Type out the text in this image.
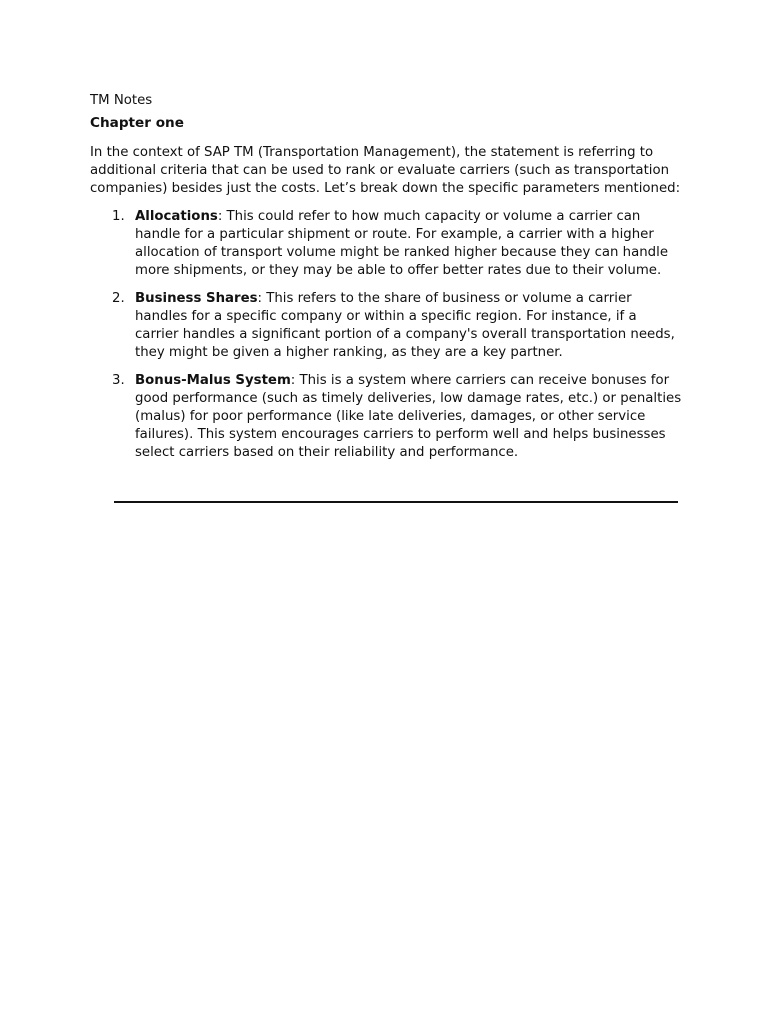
TM Notes

Chapter one

In the context of SAP TM (Transportation Management), the statement is referring to additional criteria that can be used to rank or evaluate carriers (such as transportation companies) besides just the costs. Let’s break down the specific parameters mentioned:

1. Allocations: This could refer to how much capacity or volume a carrier can handle for a particular shipment or route. For example, a carrier with a higher allocation of transport volume might be ranked higher because they can handle more shipments, or they may be able to offer better rates due to their volume.
2. Business Shares: This refers to the share of business or volume a carrier handles for a specific company or within a specific region. For instance, if a carrier handles a significant portion of a company's overall transportation needs, they might be given a higher ranking, as they are a key partner.
3. Bonus-Malus System: This is a system where carriers can receive bonuses for good performance (such as timely deliveries, low damage rates, etc.) or penalties (malus) for poor performance (like late deliveries, damages, or other service failures). This system encourages carriers to perform well and helps businesses select carriers based on their reliability and performance.
